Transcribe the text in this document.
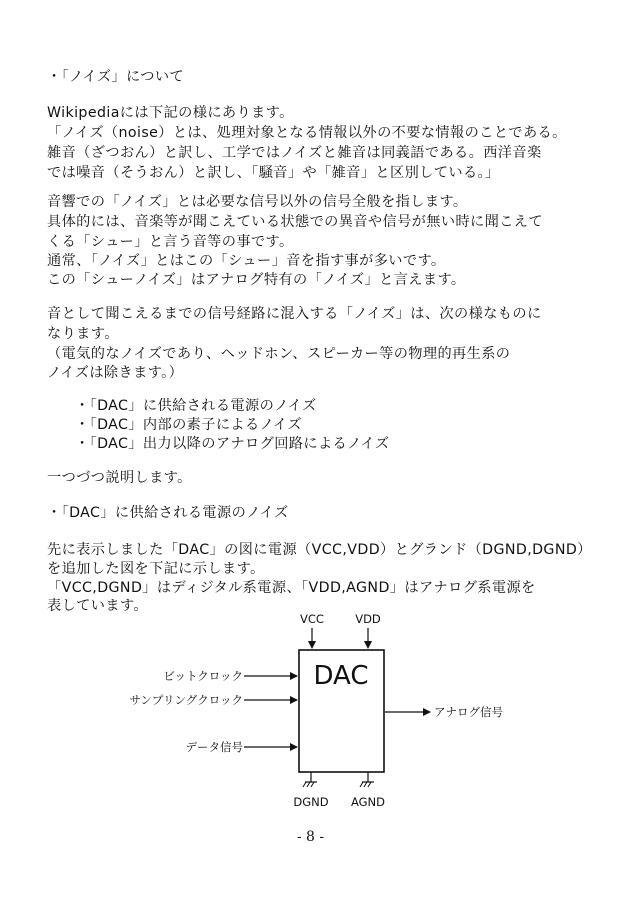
・「ノイズ」について
Wikipediaには下記の様にあります。
「ノイズ（noise）とは、処理対象となる情報以外の不要な情報のことである。
雑音（ざつおん）と訳し、工学ではノイズと雑音は同義語である。西洋音楽
では噪音（そうおん）と訳し、「騒音」や「雑音」と区別している。」
音響での「ノイズ」とは必要な信号以外の信号全般を指します。
具体的には、音楽等が聞こえている状態での異音や信号が無い時に聞こえて
くる「シュー」と言う音等の事です。
通常、「ノイズ」とはこの「シュー」音を指す事が多いです。
この「シューノイズ」はアナログ特有の「ノイズ」と言えます。
音として聞こえるまでの信号経路に混入する「ノイズ」は、次の様なものに
なります。
（電気的なノイズであり、ヘッドホン、スピーカー等の物理的再生系の
ノイズは除きます。）
・「DAC」に供給される電源のノイズ
・「DAC」内部の素子によるノイズ
・「DAC」出力以降のアナログ回路によるノイズ
一つづつ説明します。
・「DAC」に供給される電源のノイズ
先に表示しました「DAC」の図に電源（VCC,VDD）とグランド（DGND,DGND）
を追加した図を下記に示します。
「VCC,DGND」はディジタル系電源、「VDD,AGND」はアナログ系電源を
表しています。
DAC
VCC	VDD
ビットクロック
サンプリングクロック
データ信号
アナログ信号
DGND AGND
- 8 -
